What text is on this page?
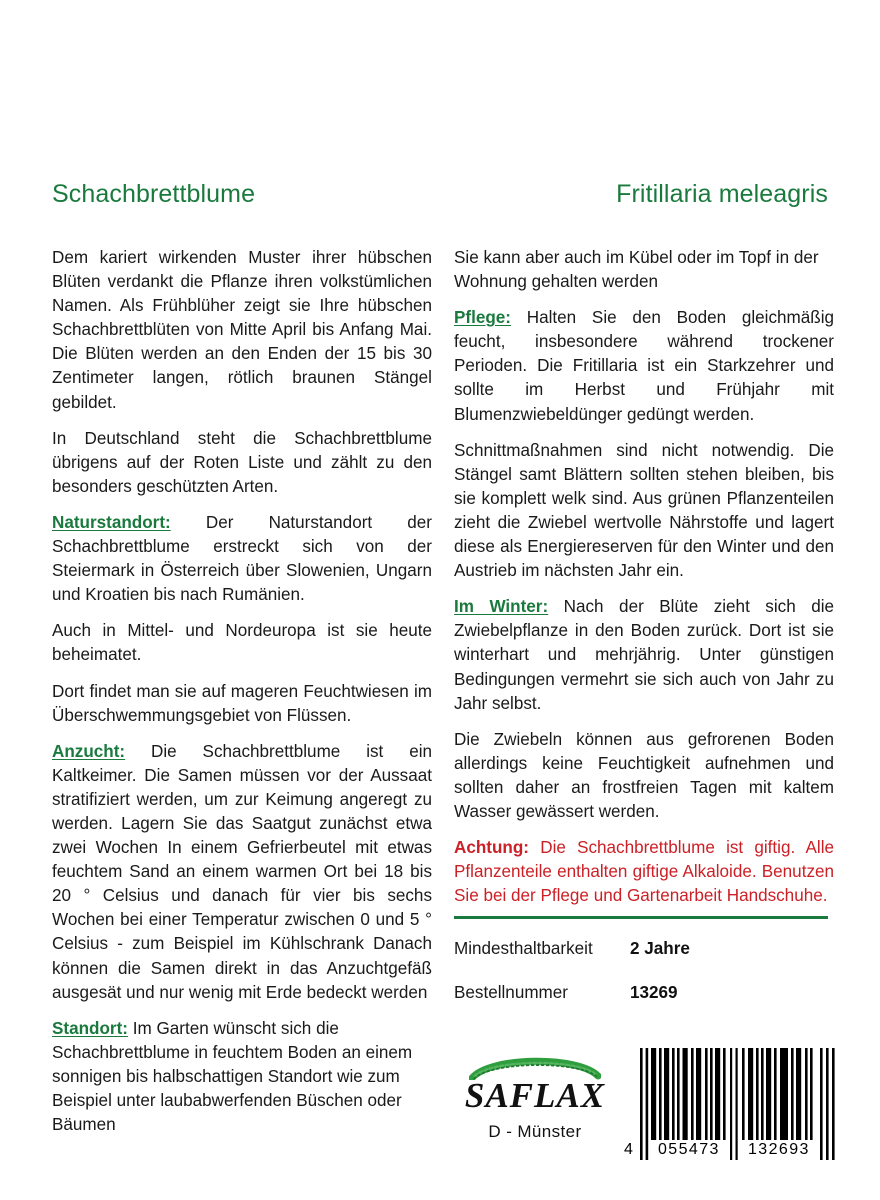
Schachbrettblume	Fritillaria meleagris

Dem kariert wirkenden Muster ihrer hübschen Blüten verdankt die Pflanze ihren volkstümlichen Namen. Als Frühblüher zeigt sie Ihre hübschen Schachbrettblüten von Mitte April bis Anfang Mai. Die Blüten werden an den Enden der 15 bis 30 Zentimeter langen, rötlich braunen Stängel gebildet.

In Deutschland steht die Schachbrettblume übrigens auf der Roten Liste und zählt zu den besonders geschützten Arten.

Naturstandort: Der Naturstandort der Schachbrettblume erstreckt sich von der Steiermark in Österreich über Slowenien, Ungarn und Kroatien bis nach Rumänien.

Auch in Mittel- und Nordeuropa ist sie heute beheimatet.

Dort findet man sie auf mageren Feuchtwiesen im Überschwemmungsgebiet von Flüssen.

Anzucht: Die Schachbrettblume ist ein Kaltkeimer. Die Samen müssen vor der Aussaat stratifiziert werden, um zur Keimung angeregt zu werden. Lagern Sie das Saatgut zunächst etwa zwei Wochen In einem Gefrierbeutel mit etwas feuchtem Sand an einem warmen Ort bei 18 bis 20 ° Celsius und danach für vier bis sechs Wochen bei einer Temperatur zwischen 0 und 5 ° Celsius - zum Beispiel im Kühlschrank Danach können die Samen direkt in das Anzuchtgefäß ausgesät und nur wenig mit Erde bedeckt werden

Standort: Im Garten wünscht sich die Schachbrettblume in feuchtem Boden an einem sonnigen bis halbschattigen Standort wie zum Beispiel unter laubabwerfenden Büschen oder Bäumen

Sie kann aber auch im Kübel oder im Topf in der Wohnung gehalten werden

Pflege: Halten Sie den Boden gleichmäßig feucht, insbesondere während trockener Perioden. Die Fritillaria ist ein Starkzehrer und sollte im Herbst und Frühjahr mit Blumenzwiebeldünger gedüngt werden.

Schnittmaßnahmen sind nicht notwendig. Die Stängel samt Blättern sollten stehen bleiben, bis sie komplett welk sind. Aus grünen Pflanzenteilen zieht die Zwiebel wertvolle Nährstoffe und lagert diese als Energiereserven für den Winter und den Austrieb im nächsten Jahr ein.

Im Winter: Nach der Blüte zieht sich die Zwiebelpflanze in den Boden zurück. Dort ist sie winterhart und mehrjährig. Unter günstigen Bedingungen vermehrt sie sich auch von Jahr zu Jahr selbst.

Die Zwiebeln können aus gefrorenen Boden allerdings keine Feuchtigkeit aufnehmen und sollten daher an frostfreien Tagen mit kaltem Wasser gewässert werden.

Achtung: Die Schachbrettblume ist giftig. Alle Pflanzenteile enthalten giftige Alkaloide. Benutzen Sie bei der Pflege und Gartenarbeit Handschuhe.

Mindesthaltbarkeit	2 Jahre
Bestellnummer	13269
SAFLAX
D - Münster
4 055473 132693
